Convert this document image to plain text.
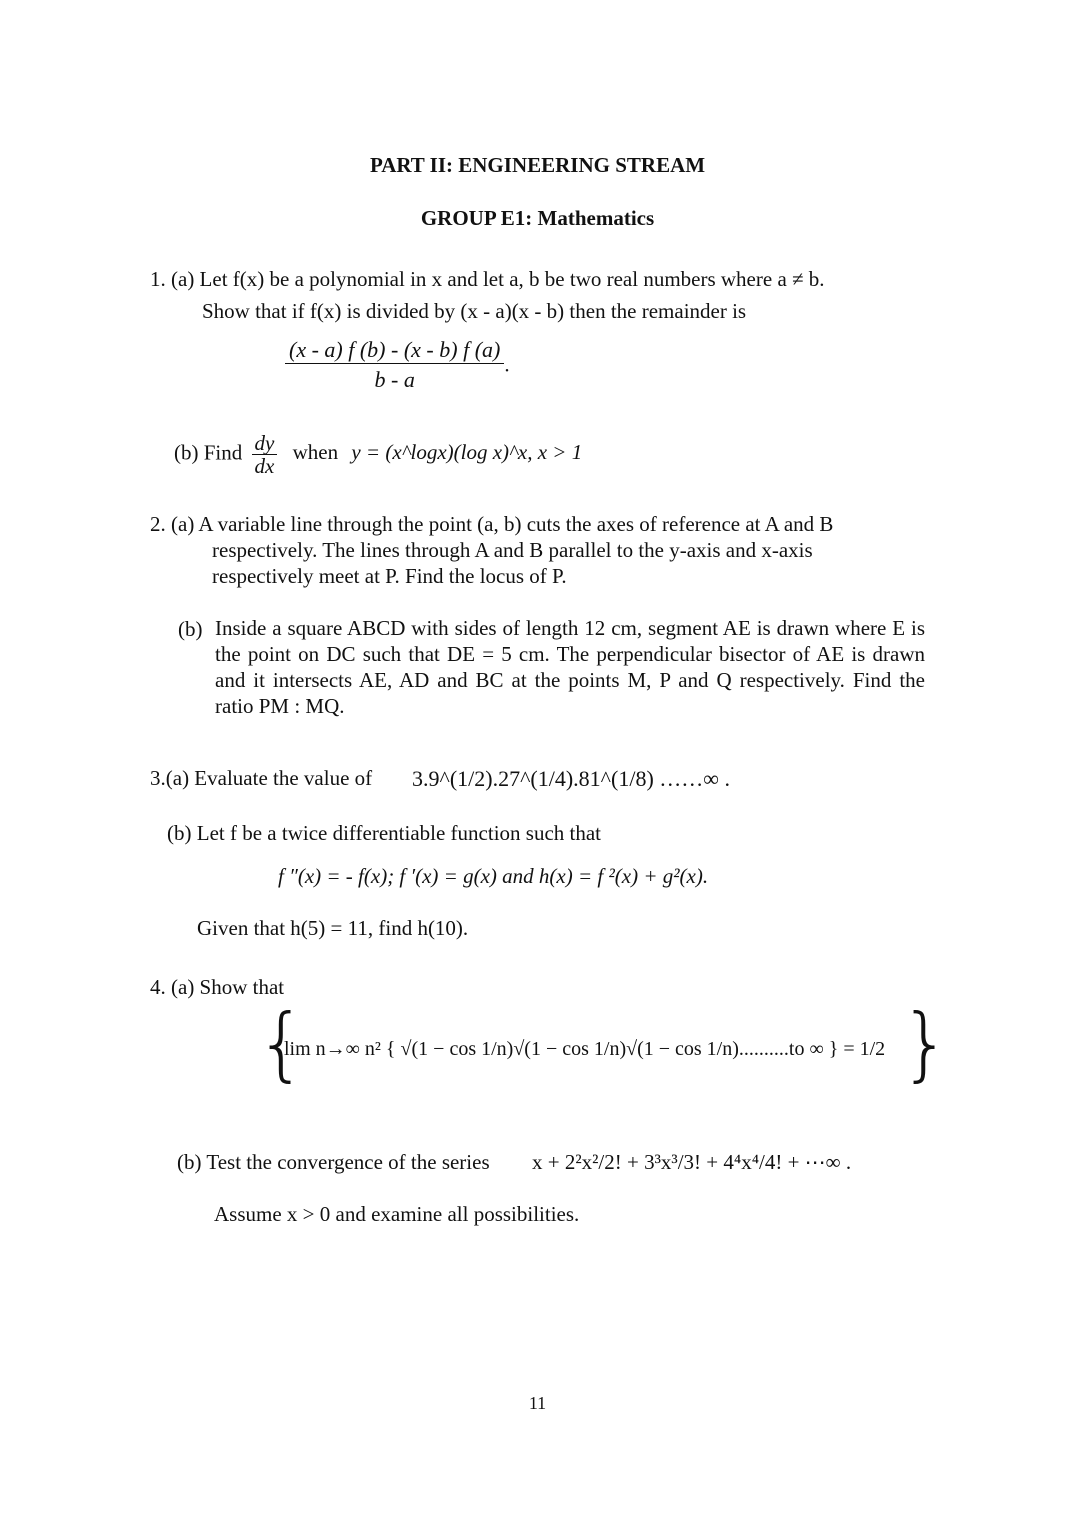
PART II: ENGINEERING STREAM
GROUP E1: Mathematics
1. (a) Let f(x) be a polynomial in x and let a, b be two real numbers where a ≠ b.
Show that if f(x) is divided by (x - a)(x - b) then the remainder is
$\frac{(x - a) f (b) - (x - b) f (a)}{b - a}$ .
(b) Find $\frac{dy}{dx}$ when y = (x^logx)(log x)^x, x > 1
2. (a) A variable line through the point (a, b) cuts the axes of reference at A and B
respectively. The lines through A and B parallel to the y-axis and x-axis
respectively meet at P. Find the locus of P.
(b) Inside a square ABCD with sides of length 12 cm, segment AE is drawn where E is the point on DC such that DE = 5 cm. The perpendicular bisector of AE is drawn and it intersects AE, AD and BC at the points M, P and Q respectively. Find the ratio PM : MQ.
3.(a) Evaluate the value of 3.9^(1/2).27^(1/4).81^(1/8) ……∞ .
(b) Let f be a twice differentiable function such that
f ″(x) = - f(x); f ′(x) = g(x) and h(x) = f ²(x) + g²(x).
Given that h(5) = 11, find h(10).
4. (a) Show that
{	}
lim n→∞ n² { √(1 − cos 1/n)√(1 − cos 1/n)√(1 − cos 1/n)..........to ∞ } = 1/2
(b) Test the convergence of the series x + 2²x²/2! + 3³x³/3! + 4⁴x⁴/4! + ⋯∞ .
Assume x > 0 and examine all possibilities.
11
